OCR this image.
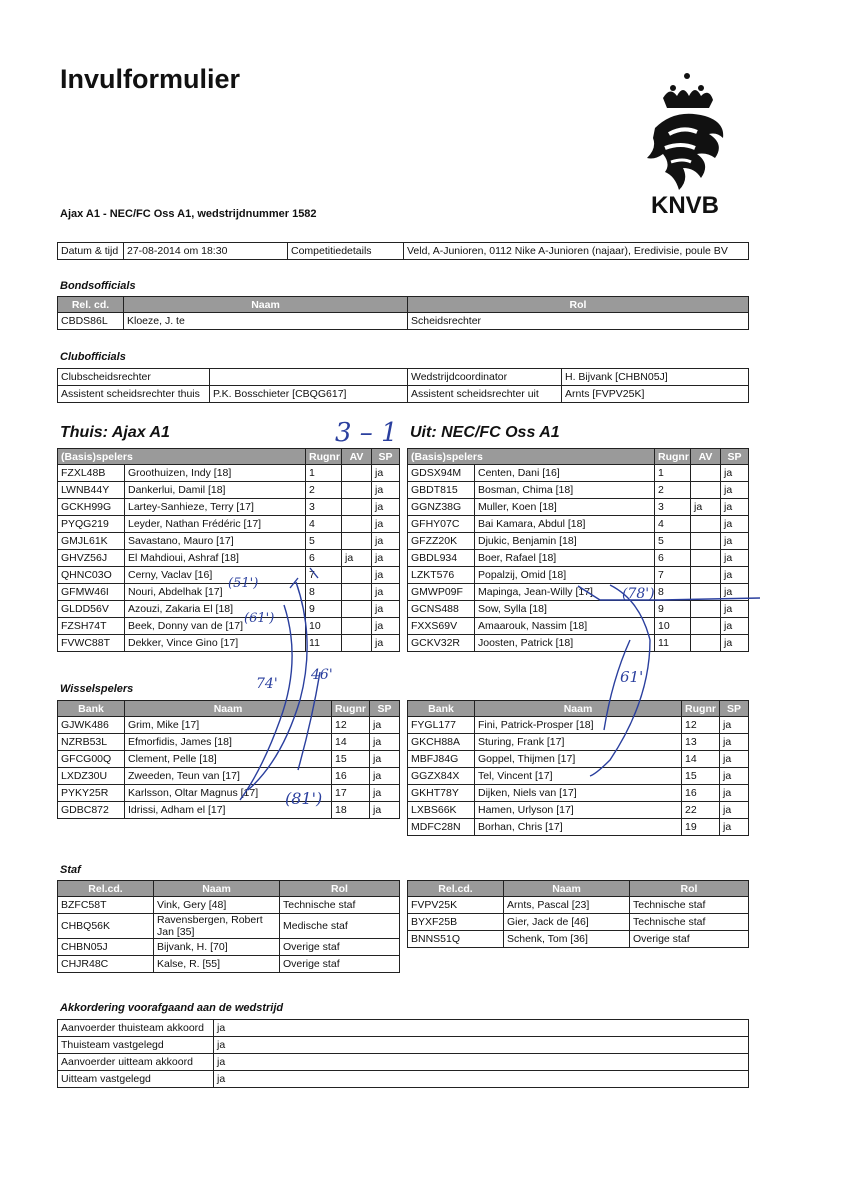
Invulformulier
KNVB
Ajax A1 - NEC/FC Oss A1, wedstrijdnummer 1582
Datum & tijd	27-08-2014 om 18:30	Competitiedetails	Veld, A-Junioren, 0112 Nike A-Junioren (najaar), Eredivisie, poule BV
Bondsofficials
Rel. cd.	Naam	Rol
CBDS86L	Kloeze, J. te	Scheidsrechter
Clubofficials
Clubscheidsrechter		Wedstrijdcoordinator	H. Bijvank [CHBN05J]
Assistent scheidsrechter thuis	P.K. Bosschieter [CBQG617]	Assistent scheidsrechter uit	Arnts [FVPV25K]
Thuis: Ajax A1	Uit: NEC/FC Oss A1
(Basis)spelers		Rugnr	AV	SP
FZXL48B	Groothuizen, Indy [18]	1		ja
LWNB44Y	Dankerlui, Damil [18]	2		ja
GCKH99G	Lartey-Sanhieze, Terry [17]	3		ja
PYQG219	Leyder, Nathan Frédéric [17]	4		ja
GMJL61K	Savastano, Mauro [17]	5		ja
GHVZ56J	El Mahdioui, Ashraf [18]	6	ja	ja
QHNC03O	Cerny, Vaclav [16]	7		ja
GFMW46I	Nouri, Abdelhak [17]	8		ja
GLDD56V	Azouzi, Zakaria El [18]	9		ja
FZSH74T	Beek, Donny van de [17]	10		ja
FVWC88T	Dekker, Vince Gino [17]	11		ja
(Basis)spelers		Rugnr	AV	SP
GDSX94M	Centen, Dani [16]	1		ja
GBDT815	Bosman, Chima [18]	2		ja
GGNZ38G	Muller, Koen [18]	3	ja	ja
GFHY07C	Bai Kamara, Abdul [18]	4		ja
GFZZ20K	Djukic, Benjamin [18]	5		ja
GBDL934	Boer, Rafael [18]	6		ja
LZKT576	Popalzij, Omid [18]	7		ja
GMWP09F	Mapinga, Jean-Willy [17]	8		ja
GCNS488	Sow, Sylla [18]	9		ja
FXXS69V	Amaarouk, Nassim [18]	10		ja
GCKV32R	Joosten, Patrick [18]	11		ja
Wisselspelers
Bank	Naam	Rugnr	SP
GJWK486	Grim, Mike [17]	12	ja
NZRB53L	Efmorfidis, James [18]	14	ja
GFCG00Q	Clement, Pelle [18]	15	ja
LXDZ30U	Zweeden, Teun van [17]	16	ja
PYKY25R	Karlsson, Oltar Magnus [17]	17	ja
GDBC872	Idrissi, Adham el [17]	18	ja
Bank	Naam	Rugnr	SP
FYGL177	Fini, Patrick-Prosper [18]	12	ja
GKCH88A	Sturing, Frank [17]	13	ja
MBFJ84G	Goppel, Thijmen [17]	14	ja
GGZX84X	Tel, Vincent [17]	15	ja
GKHT78Y	Dijken, Niels van [17]	16	ja
LXBS66K	Hamen, Urlyson [17]	22	ja
MDFC28N	Borhan, Chris [17]	19	ja
Staf
Rel.cd.	Naam	Rol
BZFC58T	Vink, Gery [48]	Technische staf
CHBQ56K	Ravensbergen, Robert Jan [35]	Medische staf
CHBN05J	Bijvank, H. [70]	Overige staf
CHJR48C	Kalse, R. [55]	Overige staf
Rel.cd.	Naam	Rol
FVPV25K	Arnts, Pascal [23]	Technische staf
BYXF25B	Gier, Jack de [46]	Technische staf
BNNS51Q	Schenk, Tom [36]	Overige staf
Akkordering voorafgaand aan de wedstrijd
Aanvoerder thuisteam akkoord	ja
Thuisteam vastgelegd	ja
Aanvoerder uitteam akkoord	ja
Uitteam vastgelegd	ja
3 – 1
(51')
(61')
74'
46'
(81')
(78')
61'
